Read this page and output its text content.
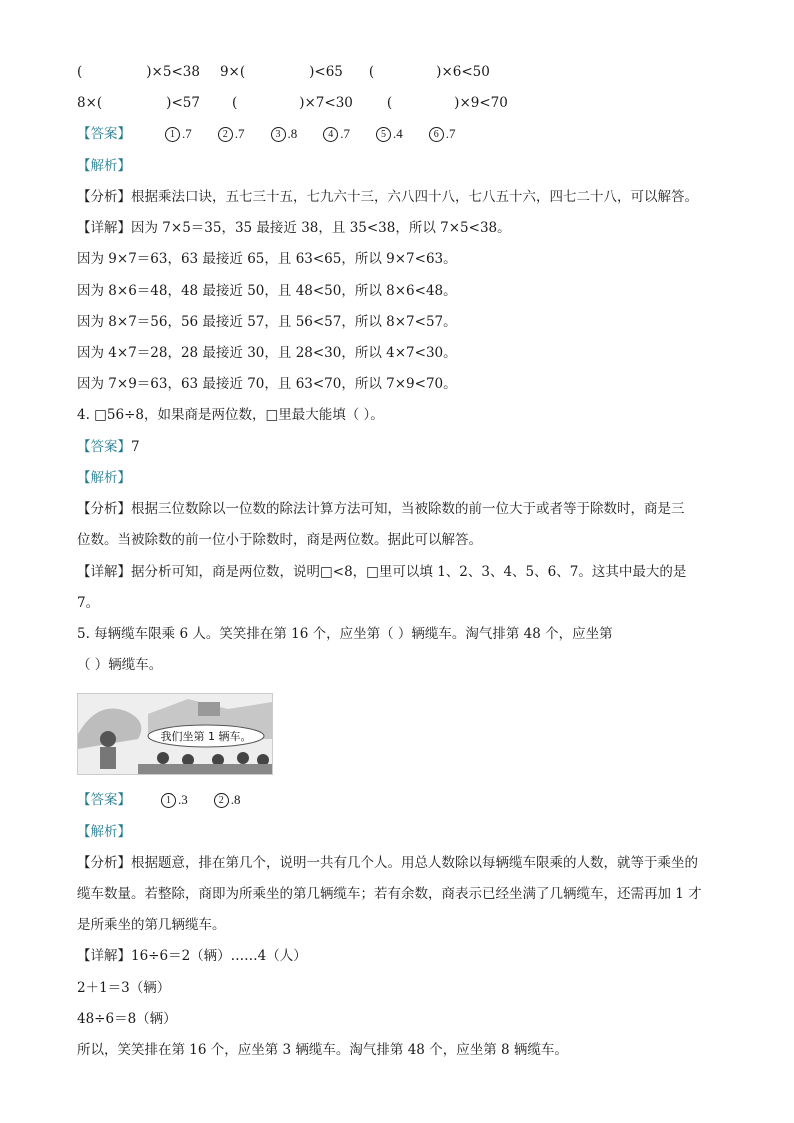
(	)×5<38 9×(	)<65 (	)×6<50
8×(	)<57 (	)×7<30	(	)×9<70
【答案】	1 .7	2 .7	3 .8	4 .7	5 .4	6 .7
【解析】
【分析】根据乘法口诀，五七三十五，七九六十三，六八四十八，七八五十六，四七二十八，可以解答。
【详解】因为 7×5＝35，35 最接近 38，且 35<38，所以 7×5<38。
因为 9×7＝63，63 最接近 65，且 63<65，所以 9×7<63。
因为 8×6＝48，48 最接近 50，且 48<50，所以 8×6<48。
因为 8×7＝56，56 最接近 57，且 56<57，所以 8×7<57。
因为 4×7＝28，28 最接近 30，且 28<30，所以 4×7<30。
因为 7×9＝63，63 最接近 70，且 63<70，所以 7×9<70。
4. □56÷8，如果商是两位数，□里最大能填（ ）。
【答案】7
【解析】
【分析】根据三位数除以一位数的除法计算方法可知，当被除数的前一位大于或者等于除数时，商是三
位数。当被除数的前一位小于除数时，商是两位数。据此可以解答。
【详解】据分析可知，商是两位数，说明□<8，□里可以填 1、2、3、4、5、6、7。这其中最大的是
7。
5. 每辆缆车限乘 6 人。笑笑排在第 16 个，应坐第（ ）辆缆车。淘气排第 48 个，应坐第
（ ）辆缆车。
我们坐第 1 辆车。
【答案】	1 .3	2 .8
【解析】
【分析】根据题意，排在第几个，说明一共有几个人。用总人数除以每辆缆车限乘的人数，就等于乘坐的
缆车数量。若整除，商即为所乘坐的第几辆缆车；若有余数，商表示已经坐满了几辆缆车，还需再加 1 才
是所乘坐的第几辆缆车。
【详解】16÷6＝2（辆）……4（人）
2＋1＝3（辆）
48÷6＝8（辆）
所以，笑笑排在第 16 个，应坐第 3 辆缆车。淘气排第 48 个，应坐第 8 辆缆车。
